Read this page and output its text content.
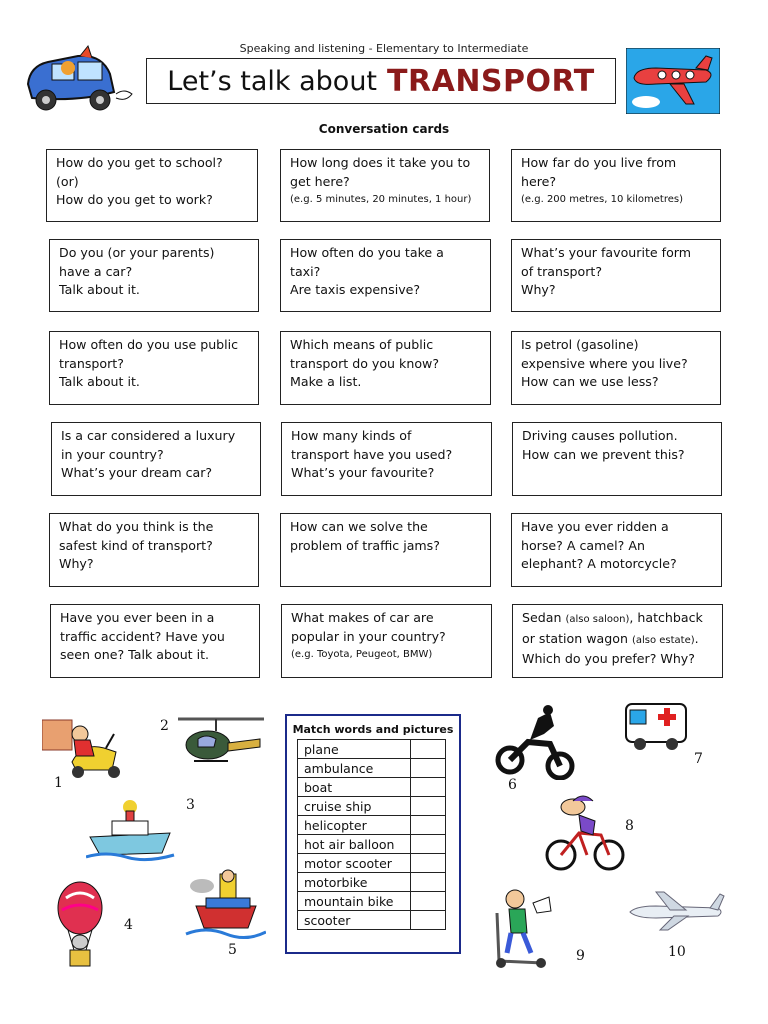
Speaking and listening - Elementary to Intermediate
Let’s talk about TRANSPORT
Conversation cards
How do you get to school?
(or)
How do you get to work?
How long does it take you to
get here?
(e.g. 5 minutes, 20 minutes, 1 hour)
How far do you live from
here?
(e.g. 200 metres, 10 kilometres)
Do you (or your parents)
have a car?
Talk about it.
How often do you take a
taxi?
Are taxis expensive?
What’s your favourite form
of transport?
Why?
How often do you use public
transport?
Talk about it.
Which means of public
transport do you know?
Make a list.
Is petrol (gasoline)
expensive where you live?
How can we use less?
Is a car considered a luxury
in your country?
What’s your dream car?
How many kinds of
transport have you used?
What’s your favourite?
Driving causes pollution.
How can we prevent this?
What do you think is the
safest kind of transport?
Why?
How can we solve the
problem of traffic jams?
Have you ever ridden a
horse? A camel? An
elephant? A motorcycle?
Have you ever been in a
traffic accident? Have you
seen one? Talk about it.
What makes of car are
popular in your country?
(e.g. Toyota, Peugeot, BMW)
Sedan (also saloon), hatchback
or station wagon (also estate).
Which do you prefer? Why?
2
1
3
4
5
Match words and pictures
plane	
ambulance	
boat	
cruise ship	
helicopter	
hot air balloon	
motor scooter	
motorbike	
mountain bike	
scooter	
6
7
8
9	10
